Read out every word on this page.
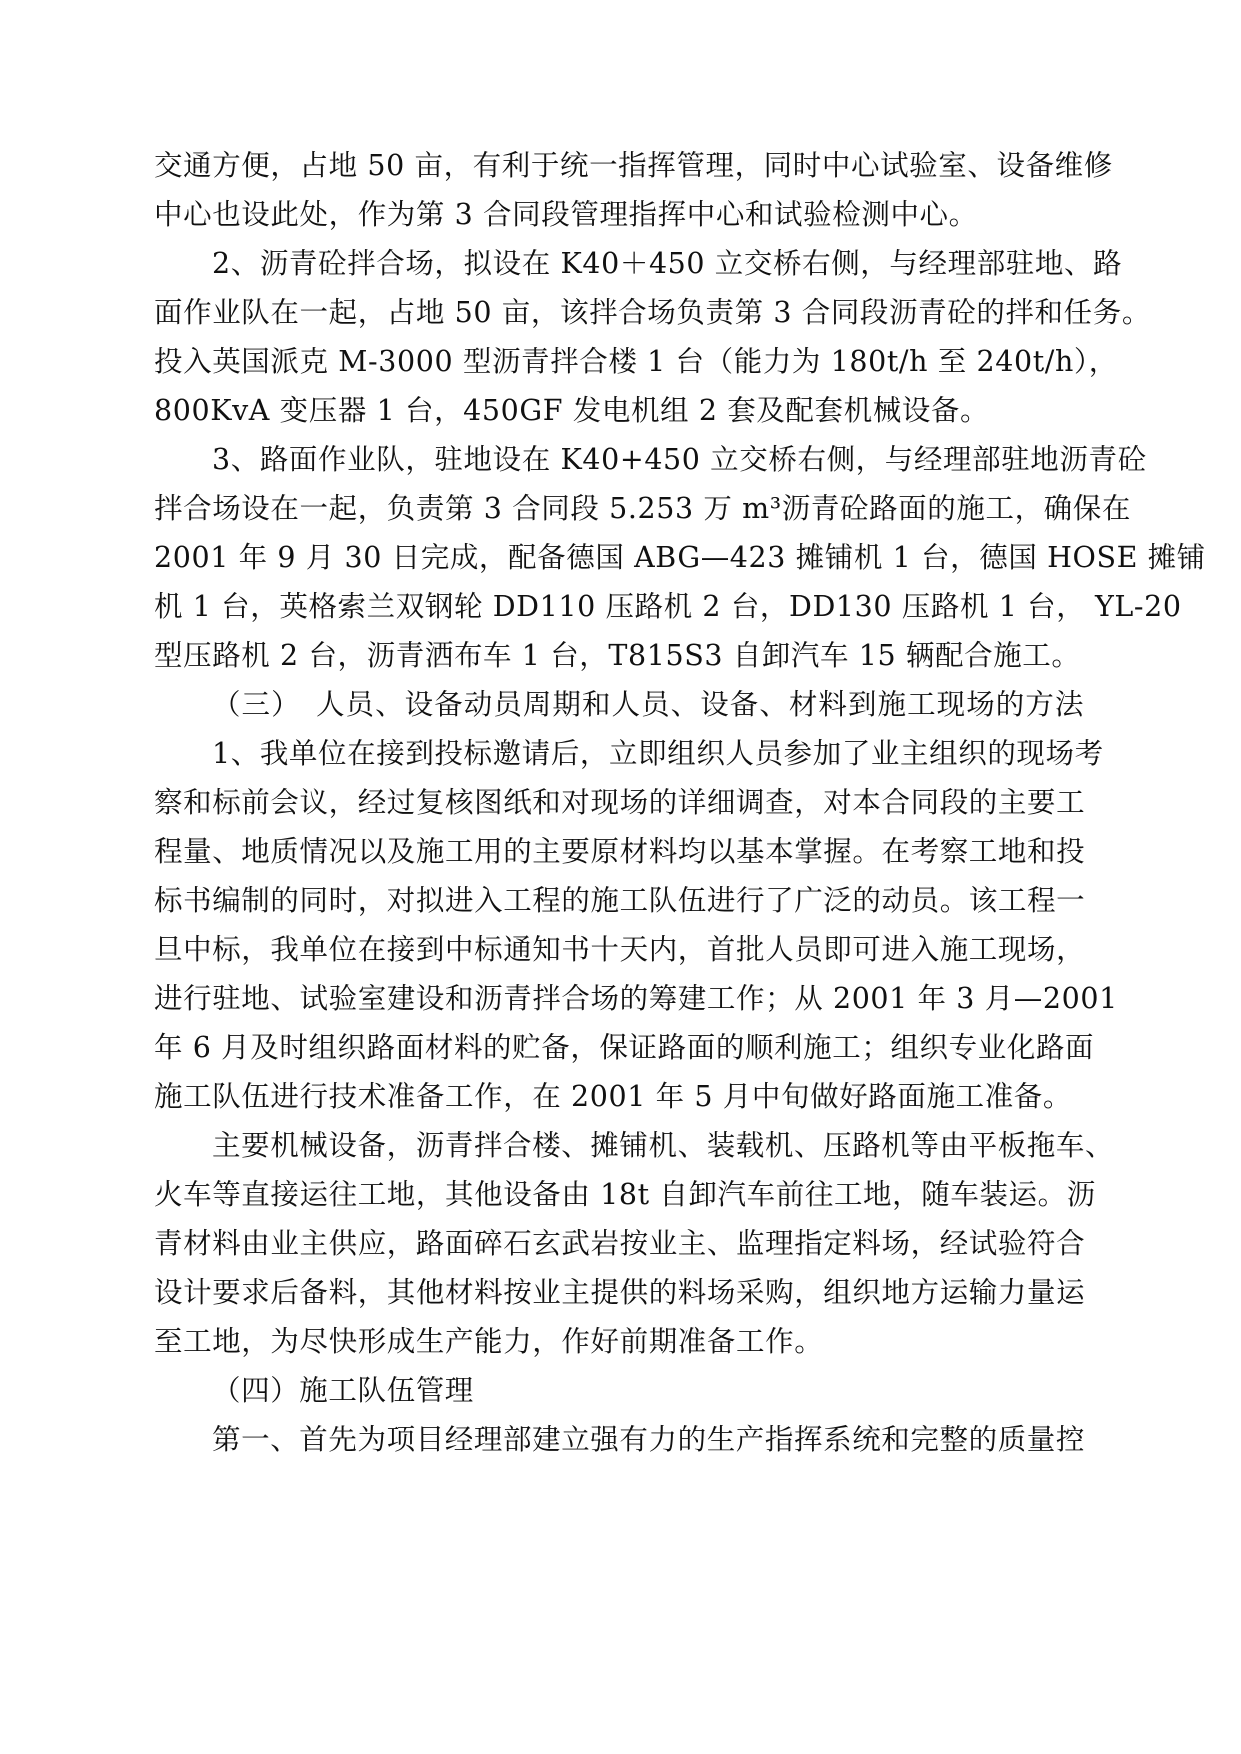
交通方便，占地 50 亩，有利于统一指挥管理，同时中心试验室、设备维修
中心也设此处，作为第 3 合同段管理指挥中心和试验检测中心。
2、沥青砼拌合场，拟设在 K40＋450 立交桥右侧，与经理部驻地、路
面作业队在一起，占地 50 亩，该拌合场负责第 3 合同段沥青砼的拌和任务。
投入英国派克 M-3000 型沥青拌合楼 1 台（能力为 180t/h 至 240t/h），
800KvA 变压器 1 台，450GF 发电机组 2 套及配套机械设备。
3、路面作业队，驻地设在 K40+450 立交桥右侧，与经理部驻地沥青砼
拌合场设在一起，负责第 3 合同段 5.253 万 m³沥青砼路面的施工，确保在
2001 年 9 月 30 日完成，配备德国 ABG—423 摊铺机 1 台，德国 HOSE 摊铺
机 1 台，英格索兰双钢轮 DD110 压路机 2 台，DD130 压路机 1 台， YL-20
型压路机 2 台，沥青洒布车 1 台，T815S3 自卸汽车 15 辆配合施工。
（三）　人员、设备动员周期和人员、设备、材料到施工现场的方法
1、我单位在接到投标邀请后，立即组织人员参加了业主组织的现场考
察和标前会议，经过复核图纸和对现场的详细调查，对本合同段的主要工
程量、地质情况以及施工用的主要原材料均以基本掌握。在考察工地和投
标书编制的同时，对拟进入工程的施工队伍进行了广泛的动员。该工程一
旦中标，我单位在接到中标通知书十天内，首批人员即可进入施工现场，
进行驻地、试验室建设和沥青拌合场的筹建工作；从 2001 年 3 月—2001
年 6 月及时组织路面材料的贮备，保证路面的顺利施工；组织专业化路面
施工队伍进行技术准备工作，在 2001 年 5 月中旬做好路面施工准备。
主要机械设备，沥青拌合楼、摊铺机、装载机、压路机等由平板拖车、
火车等直接运往工地，其他设备由 18t 自卸汽车前往工地，随车装运。沥
青材料由业主供应，路面碎石玄武岩按业主、监理指定料场，经试验符合
设计要求后备料，其他材料按业主提供的料场采购，组织地方运输力量运
至工地，为尽快形成生产能力，作好前期准备工作。
（四）施工队伍管理
第一、首先为项目经理部建立强有力的生产指挥系统和完整的质量控
